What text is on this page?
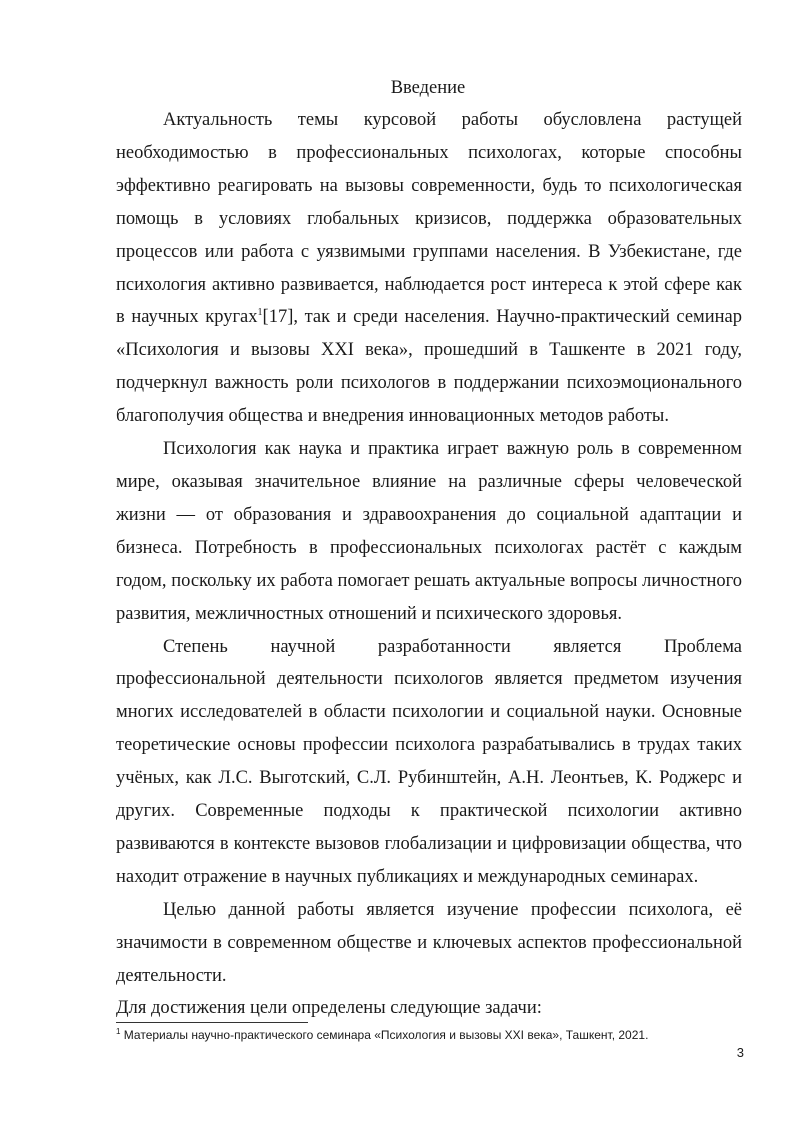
Введение

Актуальность темы курсовой работы обусловлена растущей необходимостью в профессиональных психологах, которые способны эффективно реагировать на вызовы современности, будь то психологическая помощь в условиях глобальных кризисов, поддержка образовательных процессов или работа с уязвимыми группами населения. В Узбекистане, где психология активно развивается, наблюдается рост интереса к этой сфере как в научных кругах$^1$[17], так и среди населения. Научно-практический семинар «Психология и вызовы XXI века», прошедший в Ташкенте в 2021 году, подчеркнул важность роли психологов в поддержании психоэмоционального благополучия общества и внедрения инновационных методов работы.

Психология как наука и практика играет важную роль в современном мире, оказывая значительное влияние на различные сферы человеческой жизни — от образования и здравоохранения до социальной адаптации и бизнеса. Потребность в профессиональных психологах растёт с каждым годом, поскольку их работа помогает решать актуальные вопросы личностного развития, межличностных отношений и психического здоровья.

Степень научной разработанности является Проблема профессиональной деятельности психологов является предметом изучения многих исследователей в области психологии и социальной науки. Основные теоретические основы профессии психолога разрабатывались в трудах таких учёных, как Л.С. Выготский, С.Л. Рубинштейн, А.Н. Леонтьев, К. Роджерс и других. Современные подходы к практической психологии активно развиваются в контексте вызовов глобализации и цифровизации общества, что находит отражение в научных публикациях и международных семинарах.

Целью данной работы является изучение профессии психолога, её значимости в современном обществе и ключевых аспектов профессиональной деятельности.

Для достижения цели определены следующие задачи:

$^1$ Материалы научно-практического семинара «Психология и вызовы XXI века», Ташкент, 2021.
3
